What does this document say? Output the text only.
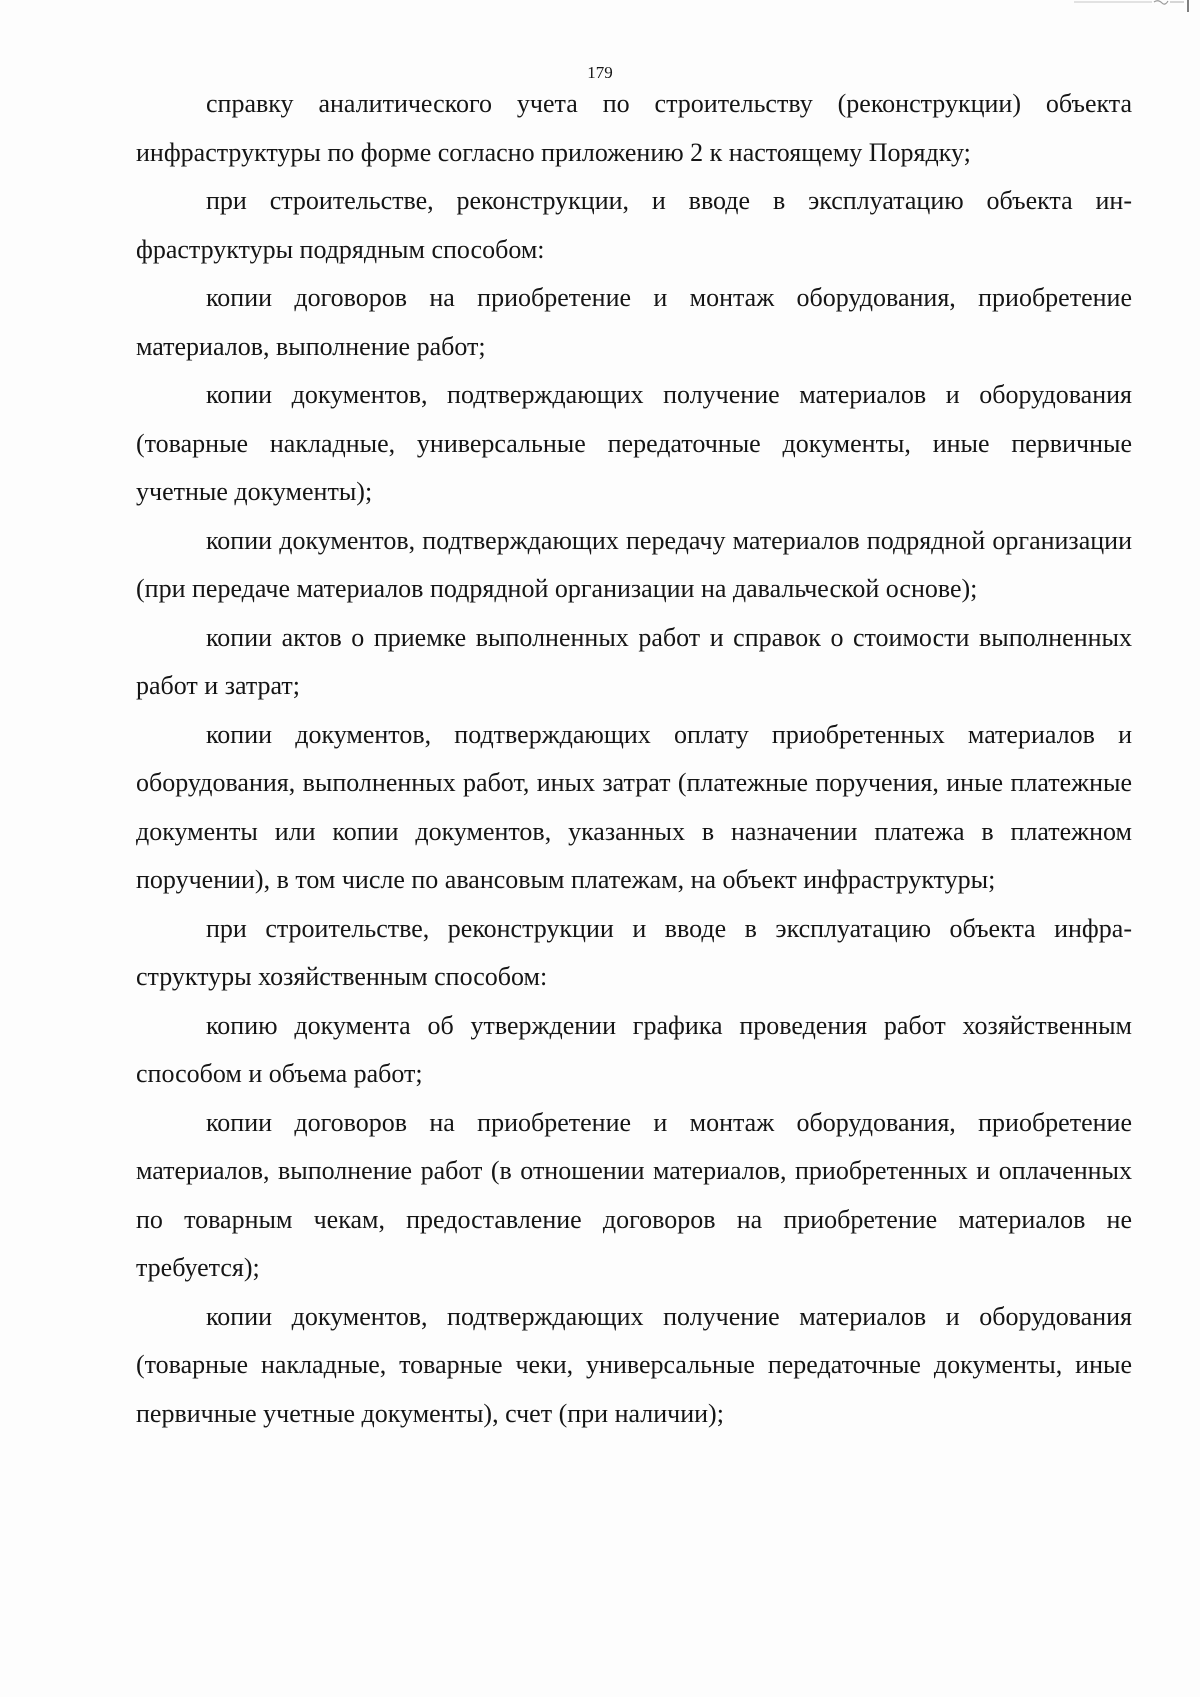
179

справку аналитического учета по строительству (реконструкции) объекта инфраструктуры по форме согласно приложению 2 к настоящему Порядку;

при строительстве, реконструкции, и вводе в эксплуатацию объекта инфраструктуры подрядным способом:

копии договоров на приобретение и монтаж оборудования, приобретение материалов, выполнение работ;

копии документов, подтверждающих получение материалов и оборудования (товарные накладные, универсальные передаточные документы, иные первичные учетные документы);

копии документов, подтверждающих передачу материалов подрядной организации (при передаче материалов подрядной организации на давальческой основе);

копии актов о приемке выполненных работ и справок о стоимости выполненных работ и затрат;

копии документов, подтверждающих оплату приобретенных материалов и оборудования, выполненных работ, иных затрат (платежные поручения, иные платежные документы или копии документов, указанных в назначении платежа в платежном поручении), в том числе по авансовым платежам, на объект инфраструктуры;

при строительстве, реконструкции и вводе в эксплуатацию объекта инфраструктуры хозяйственным способом:

копию документа об утверждении графика проведения работ хозяйственным способом и объема работ;

копии договоров на приобретение и монтаж оборудования, приобретение материалов, выполнение работ (в отношении материалов, приобретенных и оплаченных по товарным чекам, предоставление договоров на приобретение материалов не требуется);

копии документов, подтверждающих получение материалов и оборудования (товарные накладные, товарные чеки, универсальные передаточные документы, иные первичные учетные документы), счет (при наличии);
